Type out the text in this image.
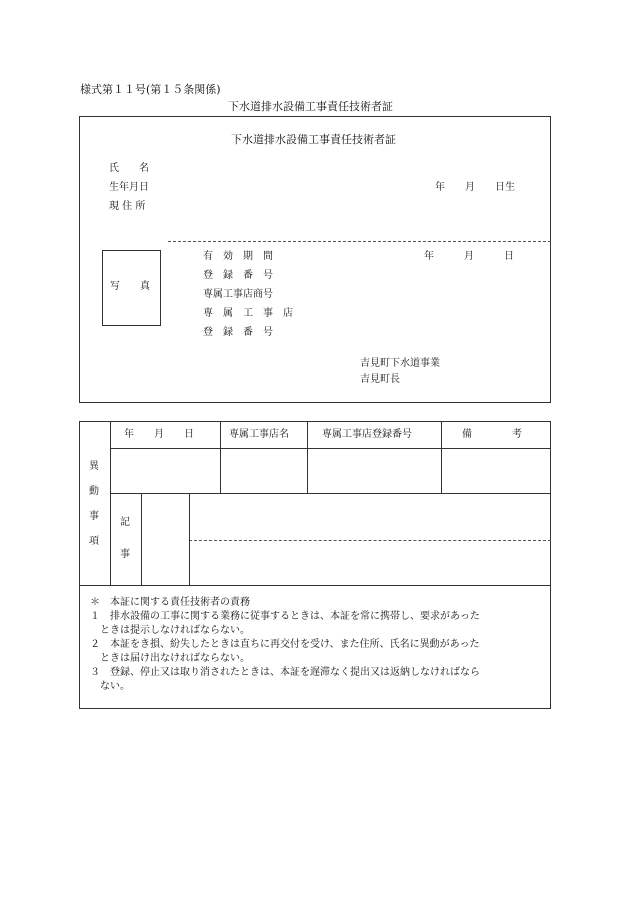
様式第１１号(第１５条関係)
下水道排水設備工事責任技術者証
下水道排水設備工事責任技術者証
氏　　名
生年月日
現 住 所
年　　月　　日生
写　　真
有　効　期　間	年　　　月　　　日
登　録　番　号
専属工事店商号
専　属　工　事　店
登　録　番　号
吉見町下水道事業
吉見町長
年　　月　　日	専属工事店名	専属工事店登録番号	備　　　　考
異
動
事
項
記
事
＊　本証に関する責任技術者の責務
１　排水設備の工事に関する業務に従事するときは、本証を常に携帯し、要求があった
ときは提示しなければならない。
２　本証をき損、紛失したときは直ちに再交付を受け、また住所、氏名に異動があった
ときは届け出なければならない。
３　登録、停止又は取り消されたときは、本証を遅滞なく提出又は返納しなければなら
ない。
